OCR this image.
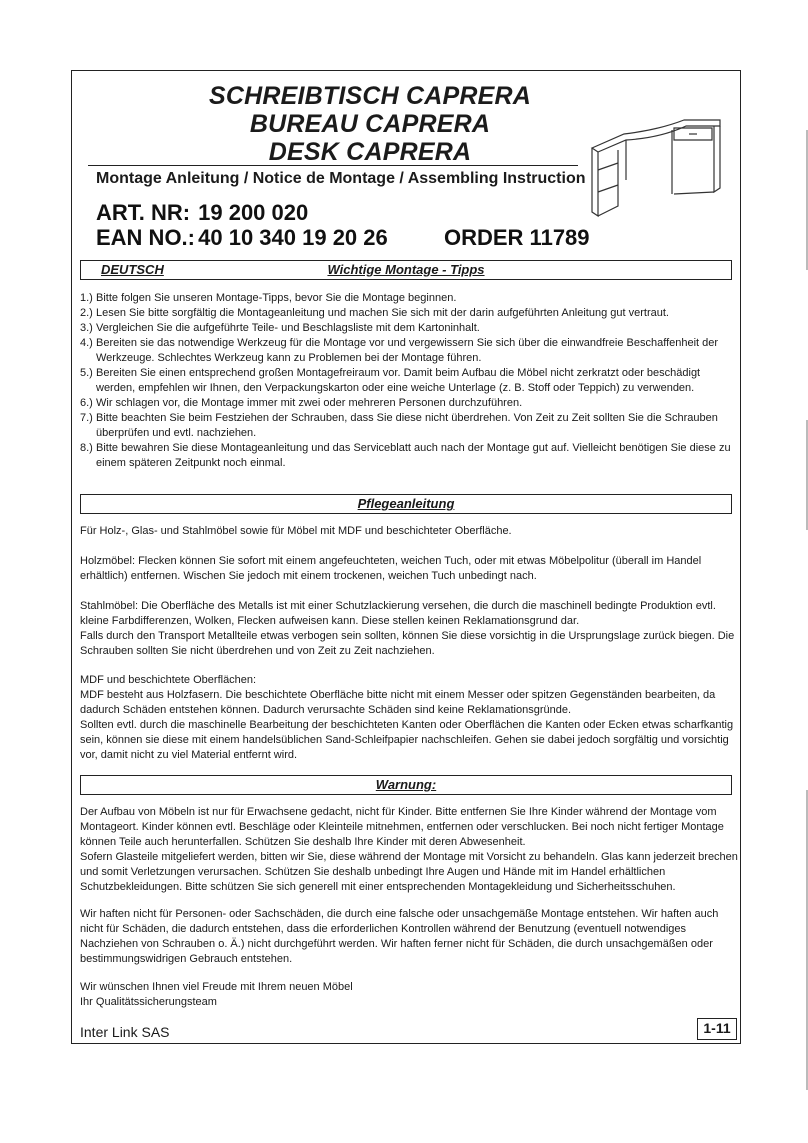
SCHREIBTISCH CAPRERA
BUREAU CAPRERA
DESK CAPRERA

Montage Anleitung / Notice de Montage / Assembling Instruction

ART. NR: 19 200 020
EAN NO.: 40 10 340 19 20 26	ORDER 11789
DEUTSCH	Wichtige Montage - Tipps
1.) Bitte folgen Sie unseren Montage-Tipps, bevor Sie die Montage beginnen.
2.) Lesen Sie bitte sorgfältig die Montageanleitung und machen Sie sich mit der darin aufgeführten Anleitung gut vertraut.
3.) Vergleichen Sie die aufgeführte Teile- und Beschlagsliste mit dem Kartoninhalt.
4.) Bereiten sie das notwendige Werkzeug für die Montage vor und vergewissern Sie sich über die einwandfreie Beschaffenheit der Werkzeuge. Schlechtes Werkzeug kann zu Problemen bei der Montage führen.
5.) Bereiten Sie einen entsprechend großen Montagefreiraum vor. Damit beim Aufbau die Möbel nicht zerkratzt oder beschädigt werden, empfehlen wir Ihnen, den Verpackungskarton oder eine weiche Unterlage (z. B. Stoff oder Teppich) zu verwenden.
6.) Wir schlagen vor, die Montage immer mit zwei oder mehreren Personen durchzuführen.
7.) Bitte beachten Sie beim Festziehen der Schrauben, dass Sie diese nicht überdrehen. Von Zeit zu Zeit sollten Sie die Schrauben überprüfen und evtl. nachziehen.
8.) Bitte bewahren Sie diese Montageanleitung und das Serviceblatt auch nach der Montage gut auf. Vielleicht benötigen Sie diese zu einem späteren Zeitpunkt noch einmal.
Pflegeanleitung

Für Holz-, Glas- und Stahlmöbel sowie für Möbel mit MDF und beschichteter Oberfläche.

Holzmöbel: Flecken können Sie sofort mit einem angefeuchteten, weichen Tuch, oder mit etwas Möbelpolitur (überall im Handel erhältlich) entfernen. Wischen Sie jedoch mit einem trockenen, weichen Tuch unbedingt nach.

Stahlmöbel: Die Oberfläche des Metalls ist mit einer Schutzlackierung versehen, die durch die maschinell bedingte Produktion evtl. kleine Farbdifferenzen, Wolken, Flecken aufweisen kann. Diese stellen keinen Reklamationsgrund dar.

Falls durch den Transport Metallteile etwas verbogen sein sollten, können Sie diese vorsichtig in die Ursprungslage zurück biegen. Die Schrauben sollten Sie nicht überdrehen und von Zeit zu Zeit nachziehen.

MDF und beschichtete Oberflächen:

MDF besteht aus Holzfasern. Die beschichtete Oberfläche bitte nicht mit einem Messer oder spitzen Gegenständen bearbeiten, da dadurch Schäden entstehen können. Dadurch verursachte Schäden sind keine Reklamationsgründe.

Sollten evtl. durch die maschinelle Bearbeitung der beschichteten Kanten oder Oberflächen die Kanten oder Ecken etwas scharfkantig sein, können sie diese mit einem handelsüblichen Sand-Schleifpapier nachschleifen. Gehen sie dabei jedoch sorgfältig und vorsichtig vor, damit nicht zu viel Material entfernt wird.

Warnung:

Der Aufbau von Möbeln ist nur für Erwachsene gedacht, nicht für Kinder. Bitte entfernen Sie Ihre Kinder während der Montage vom Montageort. Kinder können evtl. Beschläge oder Kleinteile mitnehmen, entfernen oder verschlucken. Bei noch nicht fertiger Montage können Teile auch herunterfallen. Schützen Sie deshalb Ihre Kinder mit deren Abwesenheit.

Sofern Glasteile mitgeliefert werden, bitten wir Sie, diese während der Montage mit Vorsicht zu behandeln. Glas kann jederzeit brechen und somit Verletzungen verursachen. Schützen Sie deshalb unbedingt Ihre Augen und Hände mit im Handel erhältlichen Schutzbekleidungen. Bitte schützen Sie sich generell mit einer entsprechenden Montagekleidung und Sicherheitsschuhen.

Wir haften nicht für Personen- oder Sachschäden, die durch eine falsche oder unsachgemäße Montage entstehen. Wir haften auch nicht für Schäden, die dadurch entstehen, dass die erforderlichen Kontrollen während der Benutzung (eventuell notwendiges Nachziehen von Schrauben o. Ä.) nicht durchgeführt werden. Wir haften ferner nicht für Schäden, die durch unsachgemäßen oder bestimmungswidrigen Gebrauch entstehen.

Wir wünschen Ihnen viel Freude mit Ihrem neuen Möbel

Ihr Qualitätssicherungsteam

Inter Link SAS	1-11
